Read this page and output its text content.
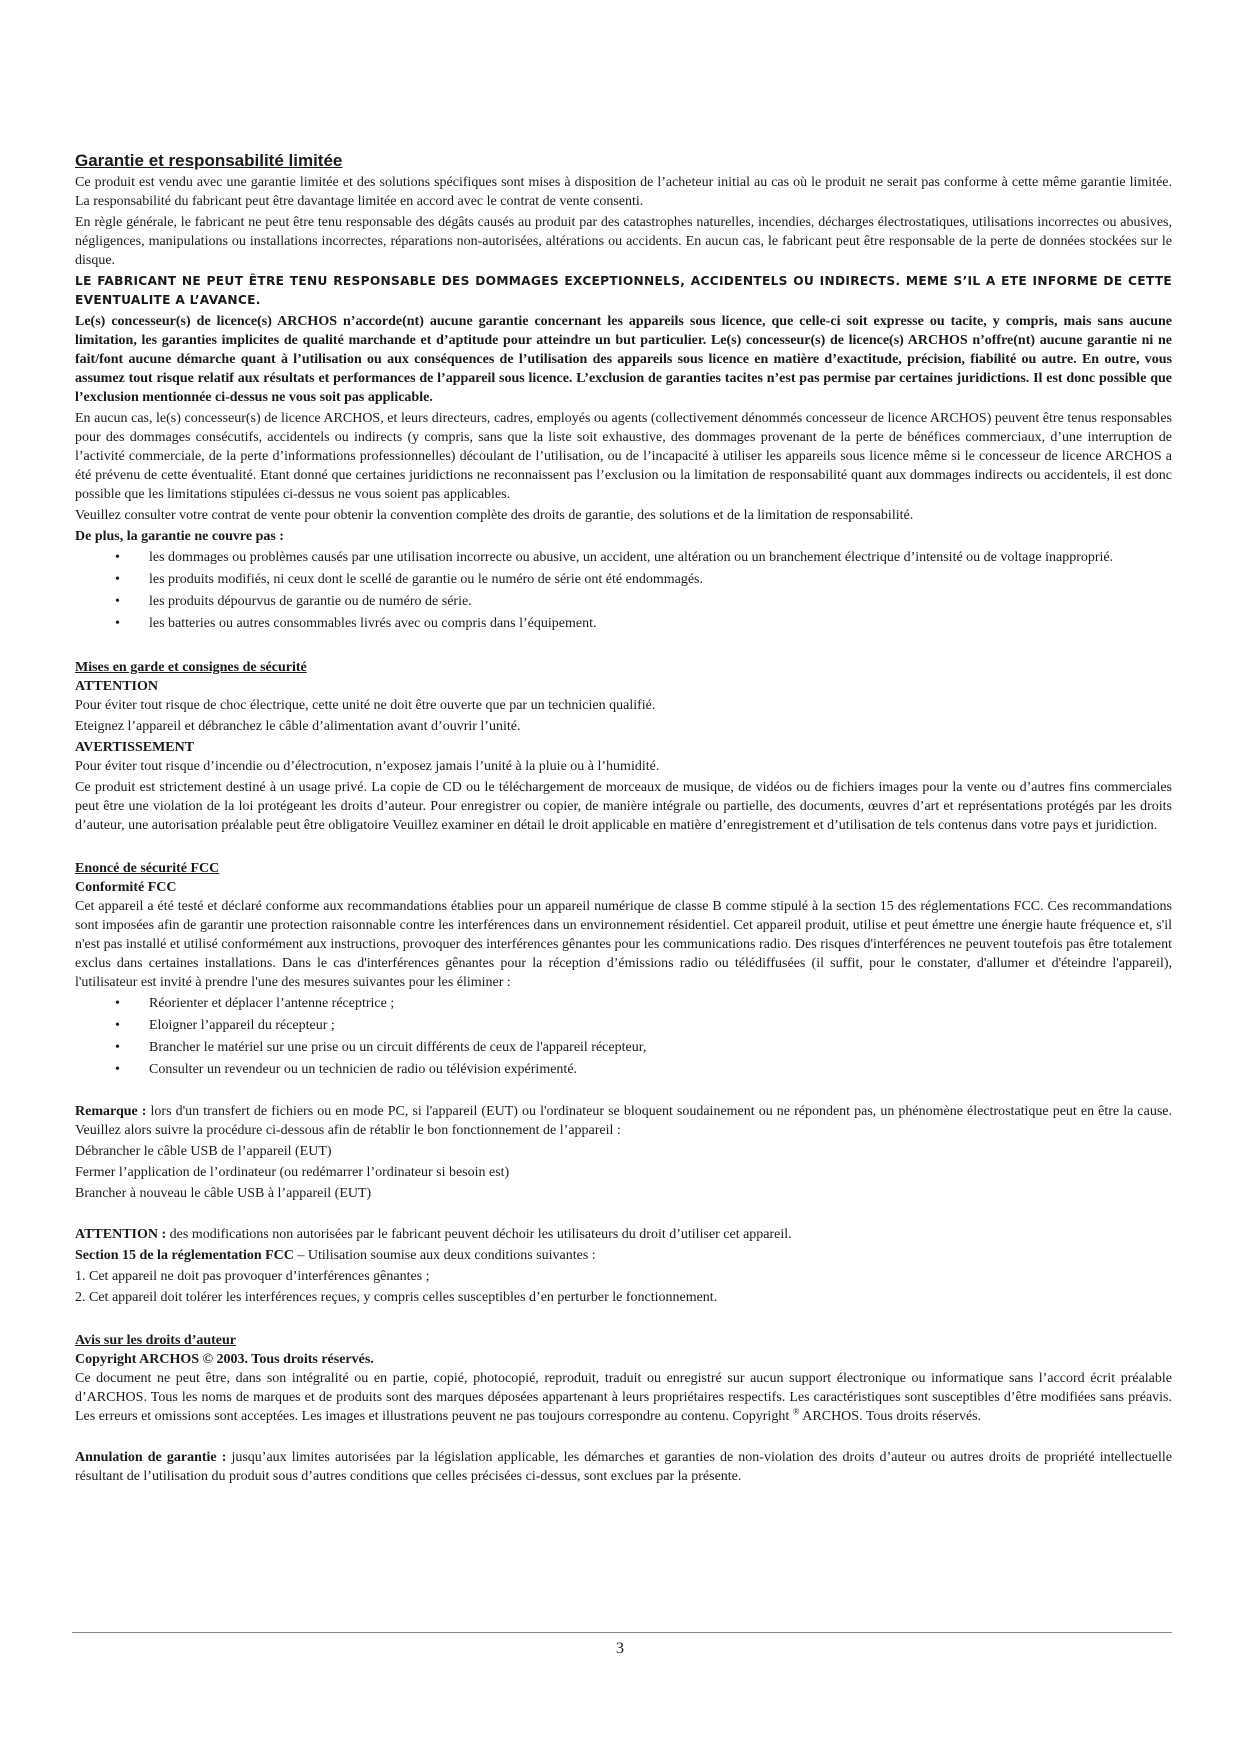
Garantie et responsabilité limitée

Ce produit est vendu avec une garantie limitée et des solutions spécifiques sont mises à disposition de l’acheteur initial au cas où le produit ne serait pas conforme à cette même garantie limitée. La responsabilité du fabricant peut être davantage limitée en accord avec le contrat de vente consenti.

En règle générale, le fabricant ne peut être tenu responsable des dégâts causés au produit par des catastrophes naturelles, incendies, décharges électrostatiques, utilisations incorrectes ou abusives, négligences, manipulations ou installations incorrectes, réparations non-autorisées, altérations ou accidents. En aucun cas, le fabricant peut être responsable de la perte de données stockées sur le disque.

LE FABRICANT NE PEUT ÊTRE TENU RESPONSABLE DES DOMMAGES EXCEPTIONNELS, ACCIDENTELS OU INDIRECTS. MEME S’IL A ETE INFORME DE CETTE EVENTUALITE A L’AVANCE.

Le(s) concesseur(s) de licence(s) ARCHOS n’accorde(nt) aucune garantie concernant les appareils sous licence, que celle-ci soit expresse ou tacite, y compris, mais sans aucune limitation, les garanties implicites de qualité marchande et d’aptitude pour atteindre un but particulier. Le(s) concesseur(s) de licence(s) ARCHOS n’offre(nt) aucune garantie ni ne fait/font aucune démarche quant à l’utilisation ou aux conséquences de l’utilisation des appareils sous licence en matière d’exactitude, précision, fiabilité ou autre. En outre, vous assumez tout risque relatif aux résultats et performances de l’appareil sous licence. L’exclusion de garanties tacites n’est pas permise par certaines juridictions. Il est donc possible que l’exclusion mentionnée ci-dessus ne vous soit pas applicable.

En aucun cas, le(s) concesseur(s) de licence ARCHOS, et leurs directeurs, cadres, employés ou agents (collectivement dénommés concesseur de licence ARCHOS) peuvent être tenus responsables pour des dommages consécutifs, accidentels ou indirects (y compris, sans que la liste soit exhaustive, des dommages provenant de la perte de bénéfices commerciaux, d’une interruption de l’activité commerciale, de la perte d’informations professionnelles) découlant de l’utilisation, ou de l’incapacité à utiliser les appareils sous licence même si le concesseur de licence ARCHOS a été prévenu de cette éventualité. Etant donné que certaines juridictions ne reconnaissent pas l’exclusion ou la limitation de responsabilité quant aux dommages indirects ou accidentels, il est donc possible que les limitations stipulées ci-dessus ne vous soient pas applicables.

Veuillez consulter votre contrat de vente pour obtenir la convention complète des droits de garantie, des solutions et de la limitation de responsabilité.

De plus, la garantie ne couvre pas :

• les dommages ou problèmes causés par une utilisation incorrecte ou abusive, un accident, une altération ou un branchement électrique d’intensité ou de voltage inapproprié.
• les produits modifiés, ni ceux dont le scellé de garantie ou le numéro de série ont été endommagés.
• les produits dépourvus de garantie ou de numéro de série.
• les batteries ou autres consommables livrés avec ou compris dans l’équipement.
Mises en garde et consignes de sécurité
ATTENTION

Pour éviter tout risque de choc électrique, cette unité ne doit être ouverte que par un technicien qualifié.

Eteignez l’appareil et débranchez le câble d’alimentation avant d’ouvrir l’unité.

AVERTISSEMENT

Pour éviter tout risque d’incendie ou d’électrocution, n’exposez jamais l’unité à la pluie ou à l’humidité.

Ce produit est strictement destiné à un usage privé. La copie de CD ou le téléchargement de morceaux de musique, de vidéos ou de fichiers images pour la vente ou d’autres fins commerciales peut être une violation de la loi protégeant les droits d’auteur. Pour enregistrer ou copier, de manière intégrale ou partielle, des documents, œuvres d’art et représentations protégés par les droits d’auteur, une autorisation préalable peut être obligatoire Veuillez examiner en détail le droit applicable en matière d’enregistrement et d’utilisation de tels contenus dans votre pays et juridiction.

Enoncé de sécurité FCC
Conformité FCC

Cet appareil a été testé et déclaré conforme aux recommandations établies pour un appareil numérique de classe B comme stipulé à la section 15 des réglementations FCC. Ces recommandations sont imposées afin de garantir une protection raisonnable contre les interférences dans un environnement résidentiel. Cet appareil produit, utilise et peut émettre une énergie haute fréquence et, s'il n'est pas installé et utilisé conformément aux instructions, provoquer des interférences gênantes pour les communications radio. Des risques d'interférences ne peuvent toutefois pas être totalement exclus dans certaines installations. Dans le cas d'interférences gênantes pour la réception d’émissions radio ou télédiffusées (il suffit, pour le constater, d'allumer et d'éteindre l'appareil), l'utilisateur est invité à prendre l'une des mesures suivantes pour les éliminer :

• Réorienter et déplacer l’antenne réceptrice ;
• Eloigner l’appareil du récepteur ;
• Brancher le matériel sur une prise ou un circuit différents de ceux de l'appareil récepteur,
• Consulter un revendeur ou un technicien de radio ou télévision expérimenté.

Remarque : lors d'un transfert de fichiers ou en mode PC, si l'appareil (EUT) ou l'ordinateur se bloquent soudainement ou ne répondent pas, un phénomène électrostatique peut en être la cause. Veuillez alors suivre la procédure ci-dessous afin de rétablir le bon fonctionnement de l’appareil :

Débrancher le câble USB de l’appareil (EUT)

Fermer l’application de l’ordinateur (ou redémarrer l’ordinateur si besoin est)

Brancher à nouveau le câble USB à l’appareil (EUT)

ATTENTION : des modifications non autorisées par le fabricant peuvent déchoir les utilisateurs du droit d’utiliser cet appareil.

Section 15 de la réglementation FCC – Utilisation soumise aux deux conditions suivantes :

1. Cet appareil ne doit pas provoquer d’interférences gênantes ;

2. Cet appareil doit tolérer les interférences reçues, y compris celles susceptibles d’en perturber le fonctionnement.

Avis sur les droits d’auteur
Copyright ARCHOS © 2003. Tous droits réservés.

Ce document ne peut être, dans son intégralité ou en partie, copié, photocopié, reproduit, traduit ou enregistré sur aucun support électronique ou informatique sans l’accord écrit préalable d’ARCHOS. Tous les noms de marques et de produits sont des marques déposées appartenant à leurs propriétaires respectifs. Les caractéristiques sont susceptibles d’être modifiées sans préavis. Les erreurs et omissions sont acceptées. Les images et illustrations peuvent ne pas toujours correspondre au contenu. Copyright ® ARCHOS. Tous droits réservés.

Annulation de garantie : jusqu’aux limites autorisées par la législation applicable, les démarches et garanties de non-violation des droits d’auteur ou autres droits de propriété intellectuelle résultant de l’utilisation du produit sous d’autres conditions que celles précisées ci-dessus, sont exclues par la présente.

3
